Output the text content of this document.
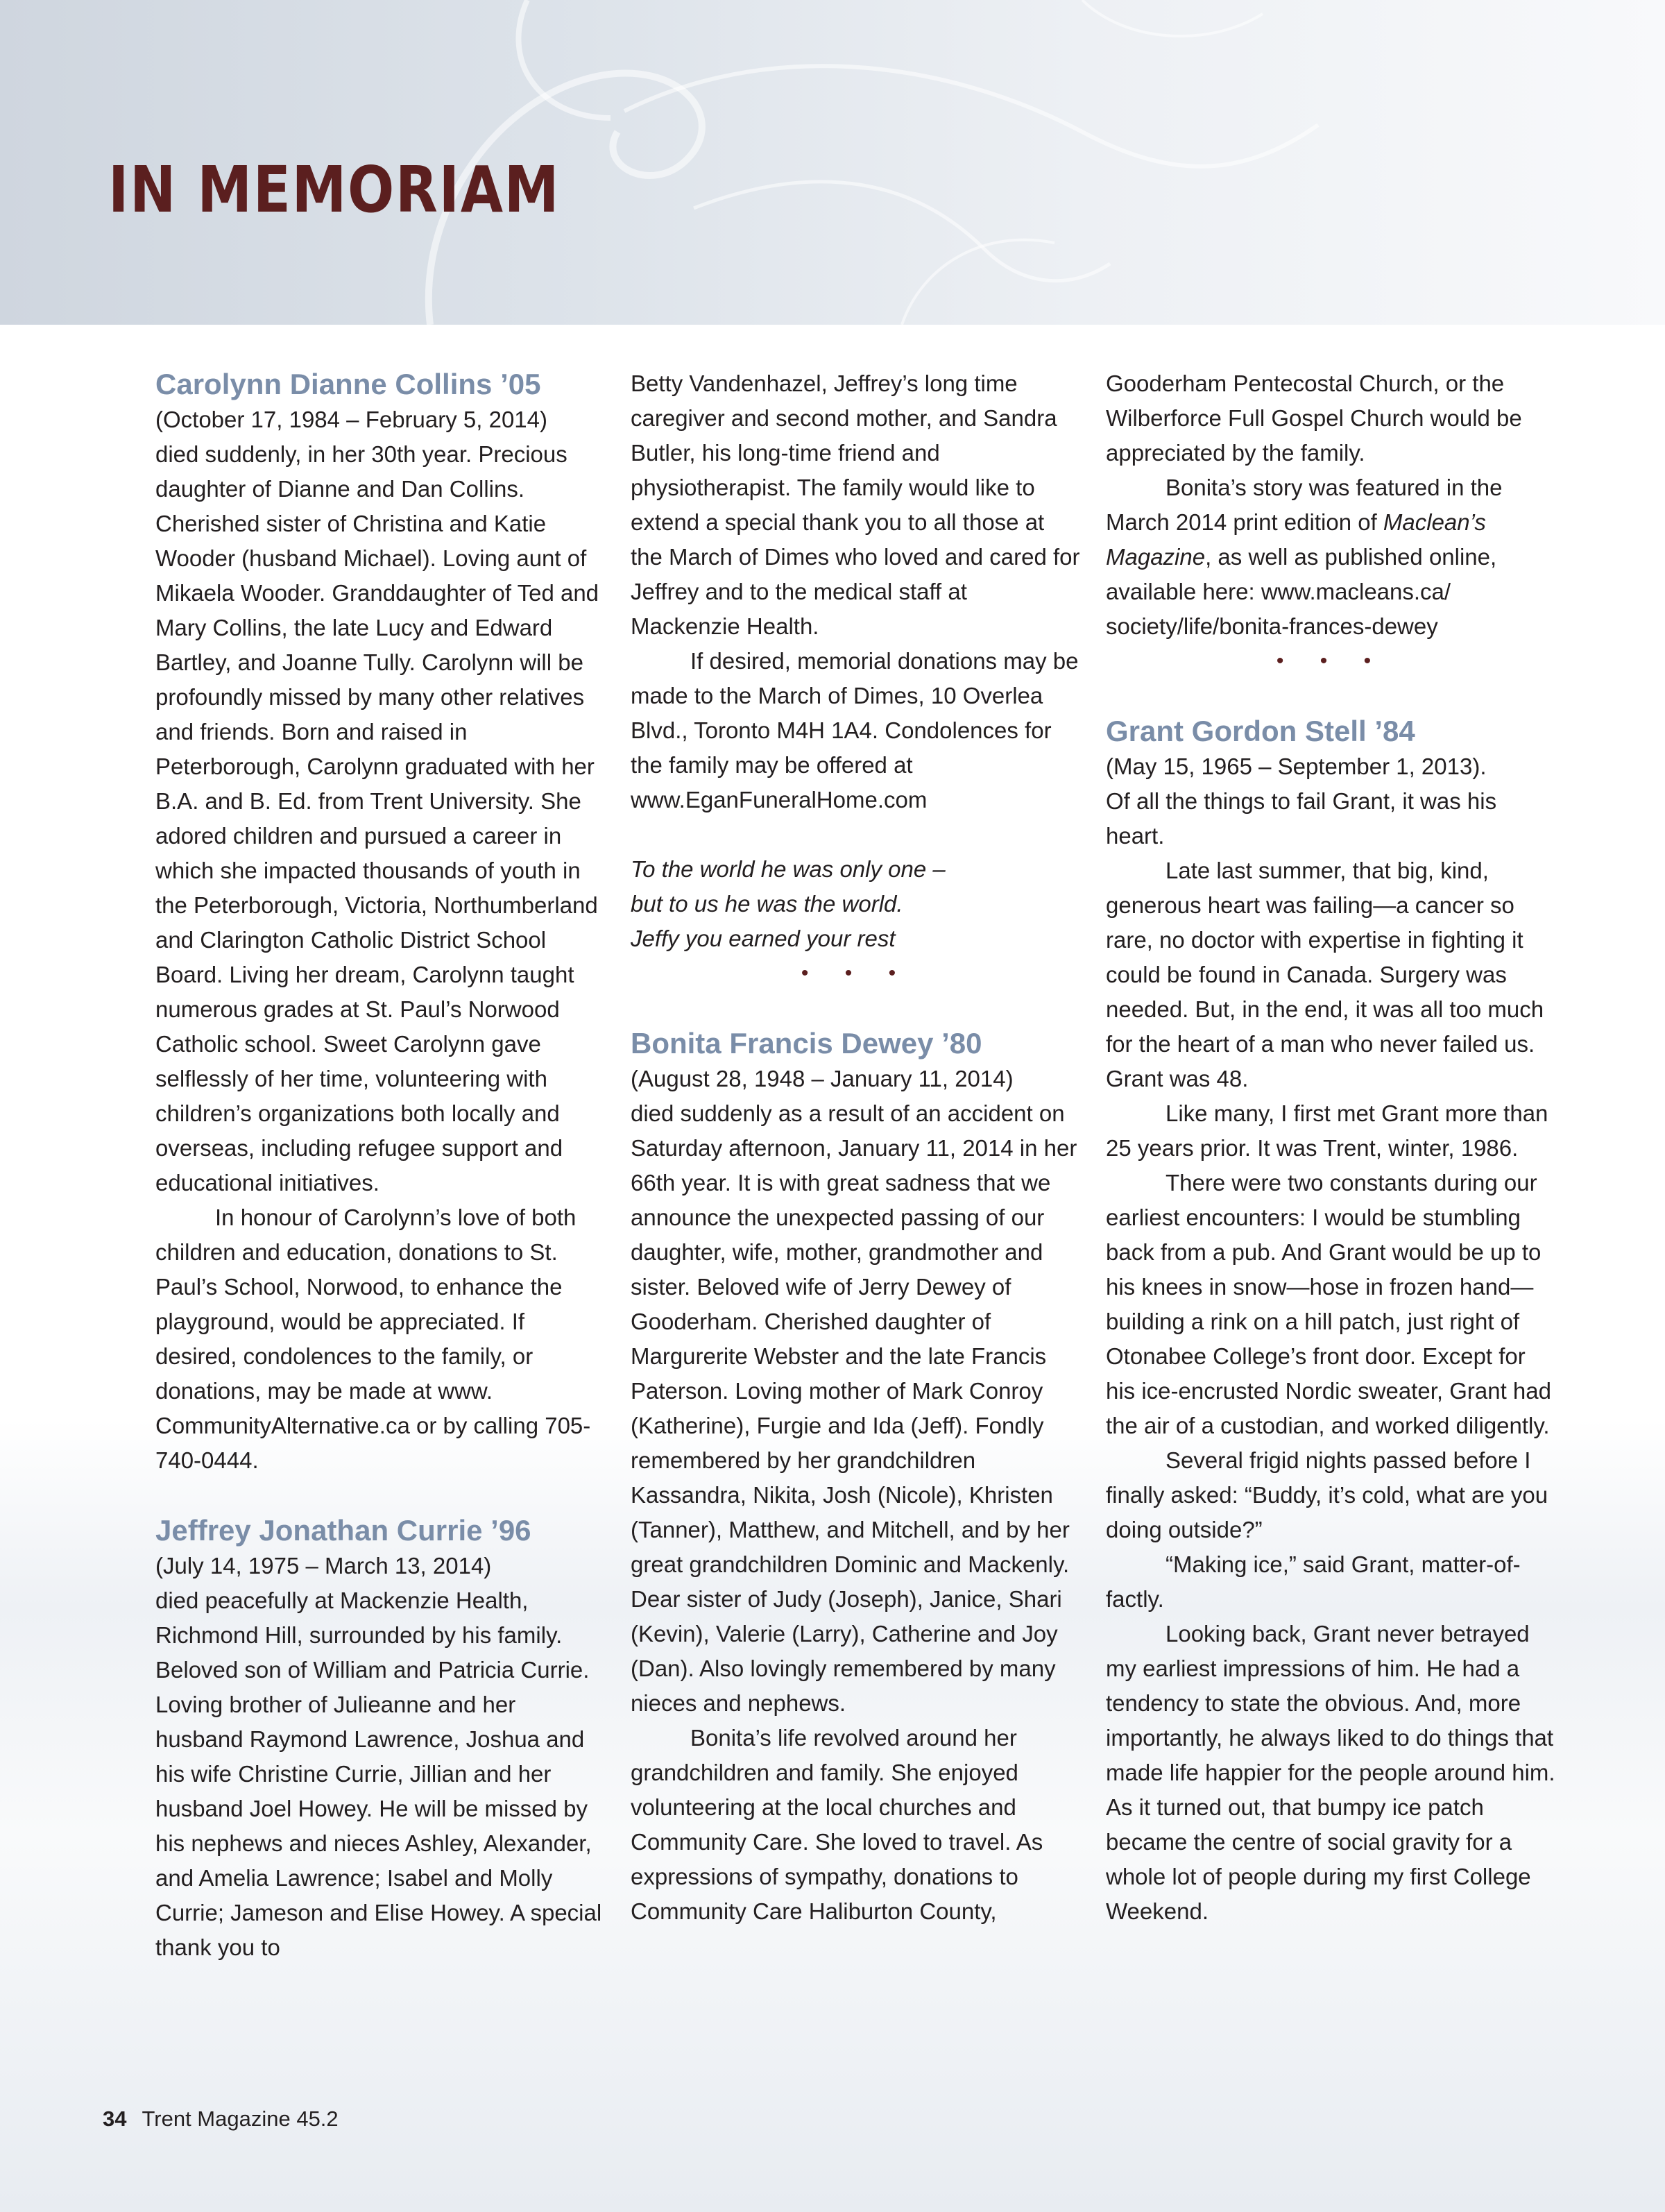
IN MEMORIAM

Carolynn Dianne Collins ’05

(October 17, 1984 – February 5, 2014)

died suddenly, in her 30th year. Precious daughter of Dianne and Dan Collins. Cherished sister of Christina and Katie Wooder (husband Michael). Loving aunt of Mikaela Wooder. Granddaughter of Ted and Mary Collins, the late Lucy and Edward Bartley, and Joanne Tully. Carolynn will be profoundly missed by many other relatives and friends. Born and raised in Peterborough, Carolynn graduated with her B.A. and B. Ed. from Trent University. She adored children and pursued a career in which she impacted thousands of youth in the Peterborough, Victoria, Northumberland and Clarington Catholic District School Board. Living her dream, Carolynn taught numerous grades at St. Paul’s Norwood Catholic school. Sweet Carolynn gave selflessly of her time, volunteering with children’s organizations both locally and overseas, including refugee support and educational initiatives.

In honour of Carolynn’s love of both children and education, donations to St. Paul’s School, Norwood, to enhance the playground, would be appreciated. If desired, condolences to the family, or donations, may be made at www. CommunityAlternative.ca or by calling 705-740-0444.

Jeffrey Jonathan Currie ’96

(July 14, 1975 – March 13, 2014)

died peacefully at Mackenzie Health, Richmond Hill, surrounded by his family. Beloved son of William and Patricia Currie. Loving brother of Julieanne and her husband Raymond Lawrence, Joshua and his wife Christine Currie, Jillian and her husband Joel Howey. He will be missed by his nephews and nieces Ashley, Alexander, and Amelia Lawrence; Isabel and Molly Currie; Jameson and Elise Howey. A special thank you to

Betty Vandenhazel, Jeffrey’s long time caregiver and second mother, and Sandra Butler, his long-time friend and physiotherapist. The family would like to extend a special thank you to all those at the March of Dimes who loved and cared for Jeffrey and to the medical staff at Mackenzie Health.

If desired, memorial donations may be made to the March of Dimes, 10 Overlea Blvd., Toronto M4H 1A4. Condolences for the family may be offered at www.EganFuneralHome.com

To the world he was only one –

but to us he was the world.

Jeffy you earned your rest

• • •

Bonita Francis Dewey ’80

(August 28, 1948 – January 11, 2014)

died suddenly as a result of an accident on Saturday afternoon, January 11, 2014 in her 66th year. It is with great sadness that we announce the unexpected passing of our daughter, wife, mother, grandmother and sister. Beloved wife of Jerry Dewey of Gooderham. Cherished daughter of Margurerite Webster and the late Francis Paterson. Loving mother of Mark Conroy (Katherine), Furgie and Ida (Jeff). Fondly remembered by her grandchildren Kassandra, Nikita, Josh (Nicole), Khristen (Tanner), Matthew, and Mitchell, and by her great grandchildren Dominic and Mackenly. Dear sister of Judy (Joseph), Janice, Shari (Kevin), Valerie (Larry), Catherine and Joy (Dan). Also lovingly remembered by many nieces and nephews.

Bonita’s life revolved around her grandchildren and family. She enjoyed volunteering at the local churches and Community Care. She loved to travel. As expressions of sympathy, donations to Community Care Haliburton County,

Gooderham Pentecostal Church, or the Wilberforce Full Gospel Church would be appreciated by the family.

Bonita’s story was featured in the March 2014 print edition of Maclean’s Magazine, as well as published online, available here: www.macleans.ca/ society/life/bonita-frances-dewey

• • •

Grant Gordon Stell ’84

(May 15, 1965 – September 1, 2013).

Of all the things to fail Grant, it was his heart.

Late last summer, that big, kind, generous heart was failing—a cancer so rare, no doctor with expertise in fighting it could be found in Canada. Surgery was needed. But, in the end, it was all too much for the heart of a man who never failed us. Grant was 48.

Like many, I first met Grant more than 25 years prior. It was Trent, winter, 1986.

There were two constants during our earliest encounters: I would be stumbling back from a pub. And Grant would be up to his knees in snow—hose in frozen hand—building a rink on a hill patch, just right of Otonabee College’s front door. Except for his ice-encrusted Nordic sweater, Grant had the air of a custodian, and worked diligently.

Several frigid nights passed before I finally asked: “Buddy, it’s cold, what are you doing outside?”

“Making ice,” said Grant, matter-of-factly.

Looking back, Grant never betrayed my earliest impressions of him. He had a tendency to state the obvious. And, more importantly, he always liked to do things that made life happier for the people around him. As it turned out, that bumpy ice patch became the centre of social gravity for a whole lot of people during my first College Weekend.

34 Trent Magazine 45.2
